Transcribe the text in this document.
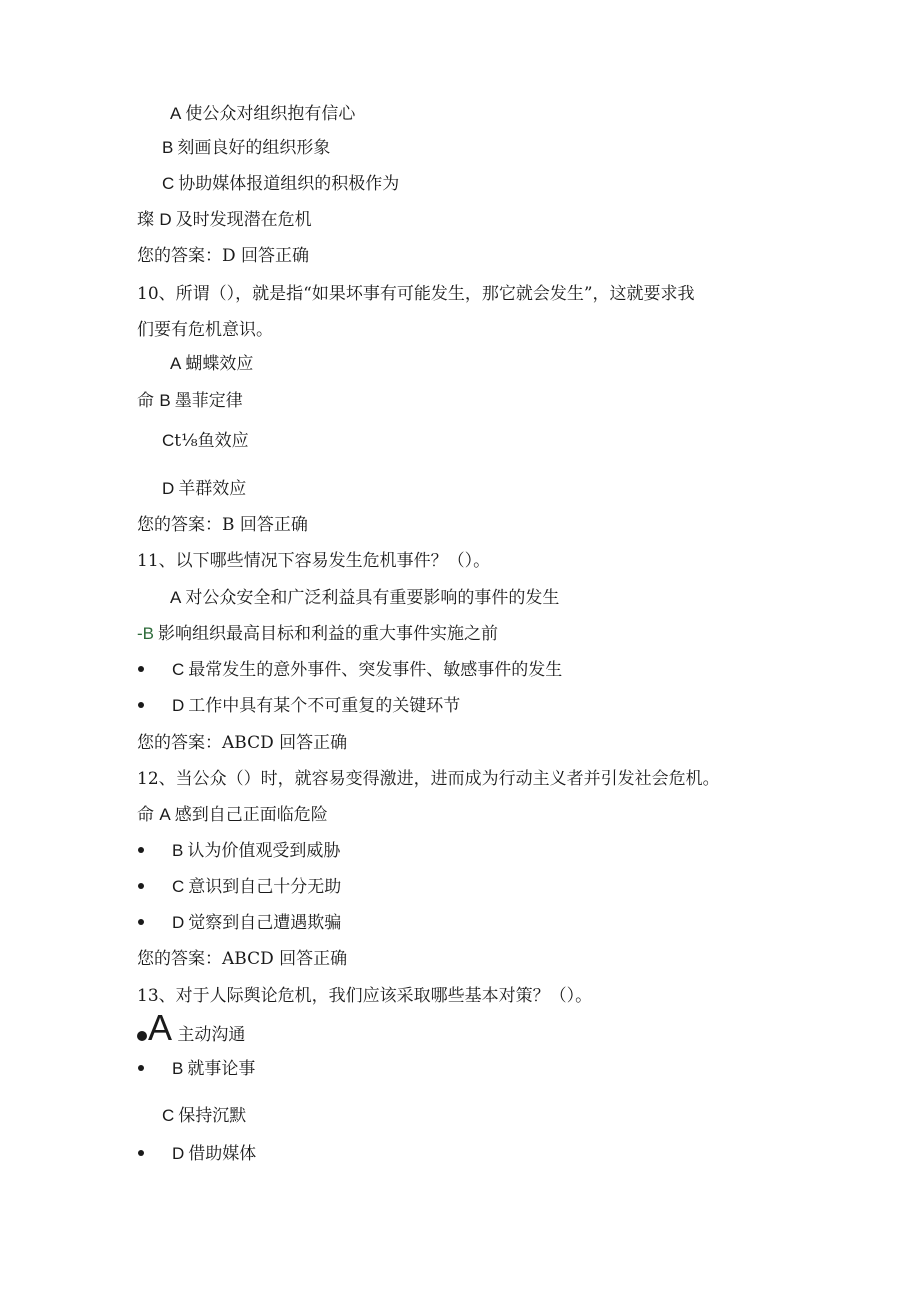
A 使公众对组织抱有信心
B 刻画良好的组织形象
C 协助媒体报道组织的积极作为
璨 D 及时发现潜在危机
您的答案：D 回答正确
10、所谓（），就是指“如果坏事有可能发生，那它就会发生”，这就要求我
们要有危机意识。
A 蝴蝶效应
命 B 墨菲定律
Ct⅛鱼效应
D 羊群效应
您的答案：B 回答正确
11、以下哪些情况下容易发生危机事件？（）。
A 对公众安全和广泛利益具有重要影响的事件的发生
-B 影响组织最高目标和利益的重大事件实施之前
C 最常发生的意外事件、突发事件、敏感事件的发生
D 工作中具有某个不可重复的关键环节
您的答案：ABCD 回答正确
12、当公众（）时，就容易变得激进，进而成为行动主义者并引发社会危机。
命 A 感到自己正面临危险
B 认为价值观受到威胁
C 意识到自己十分无助
D 觉察到自己遭遇欺骗
您的答案：ABCD 回答正确
13、对于人际舆论危机，我们应该采取哪些基本对策？（）。
A 主动沟通
B 就事论事
C 保持沉默
D 借助媒体
